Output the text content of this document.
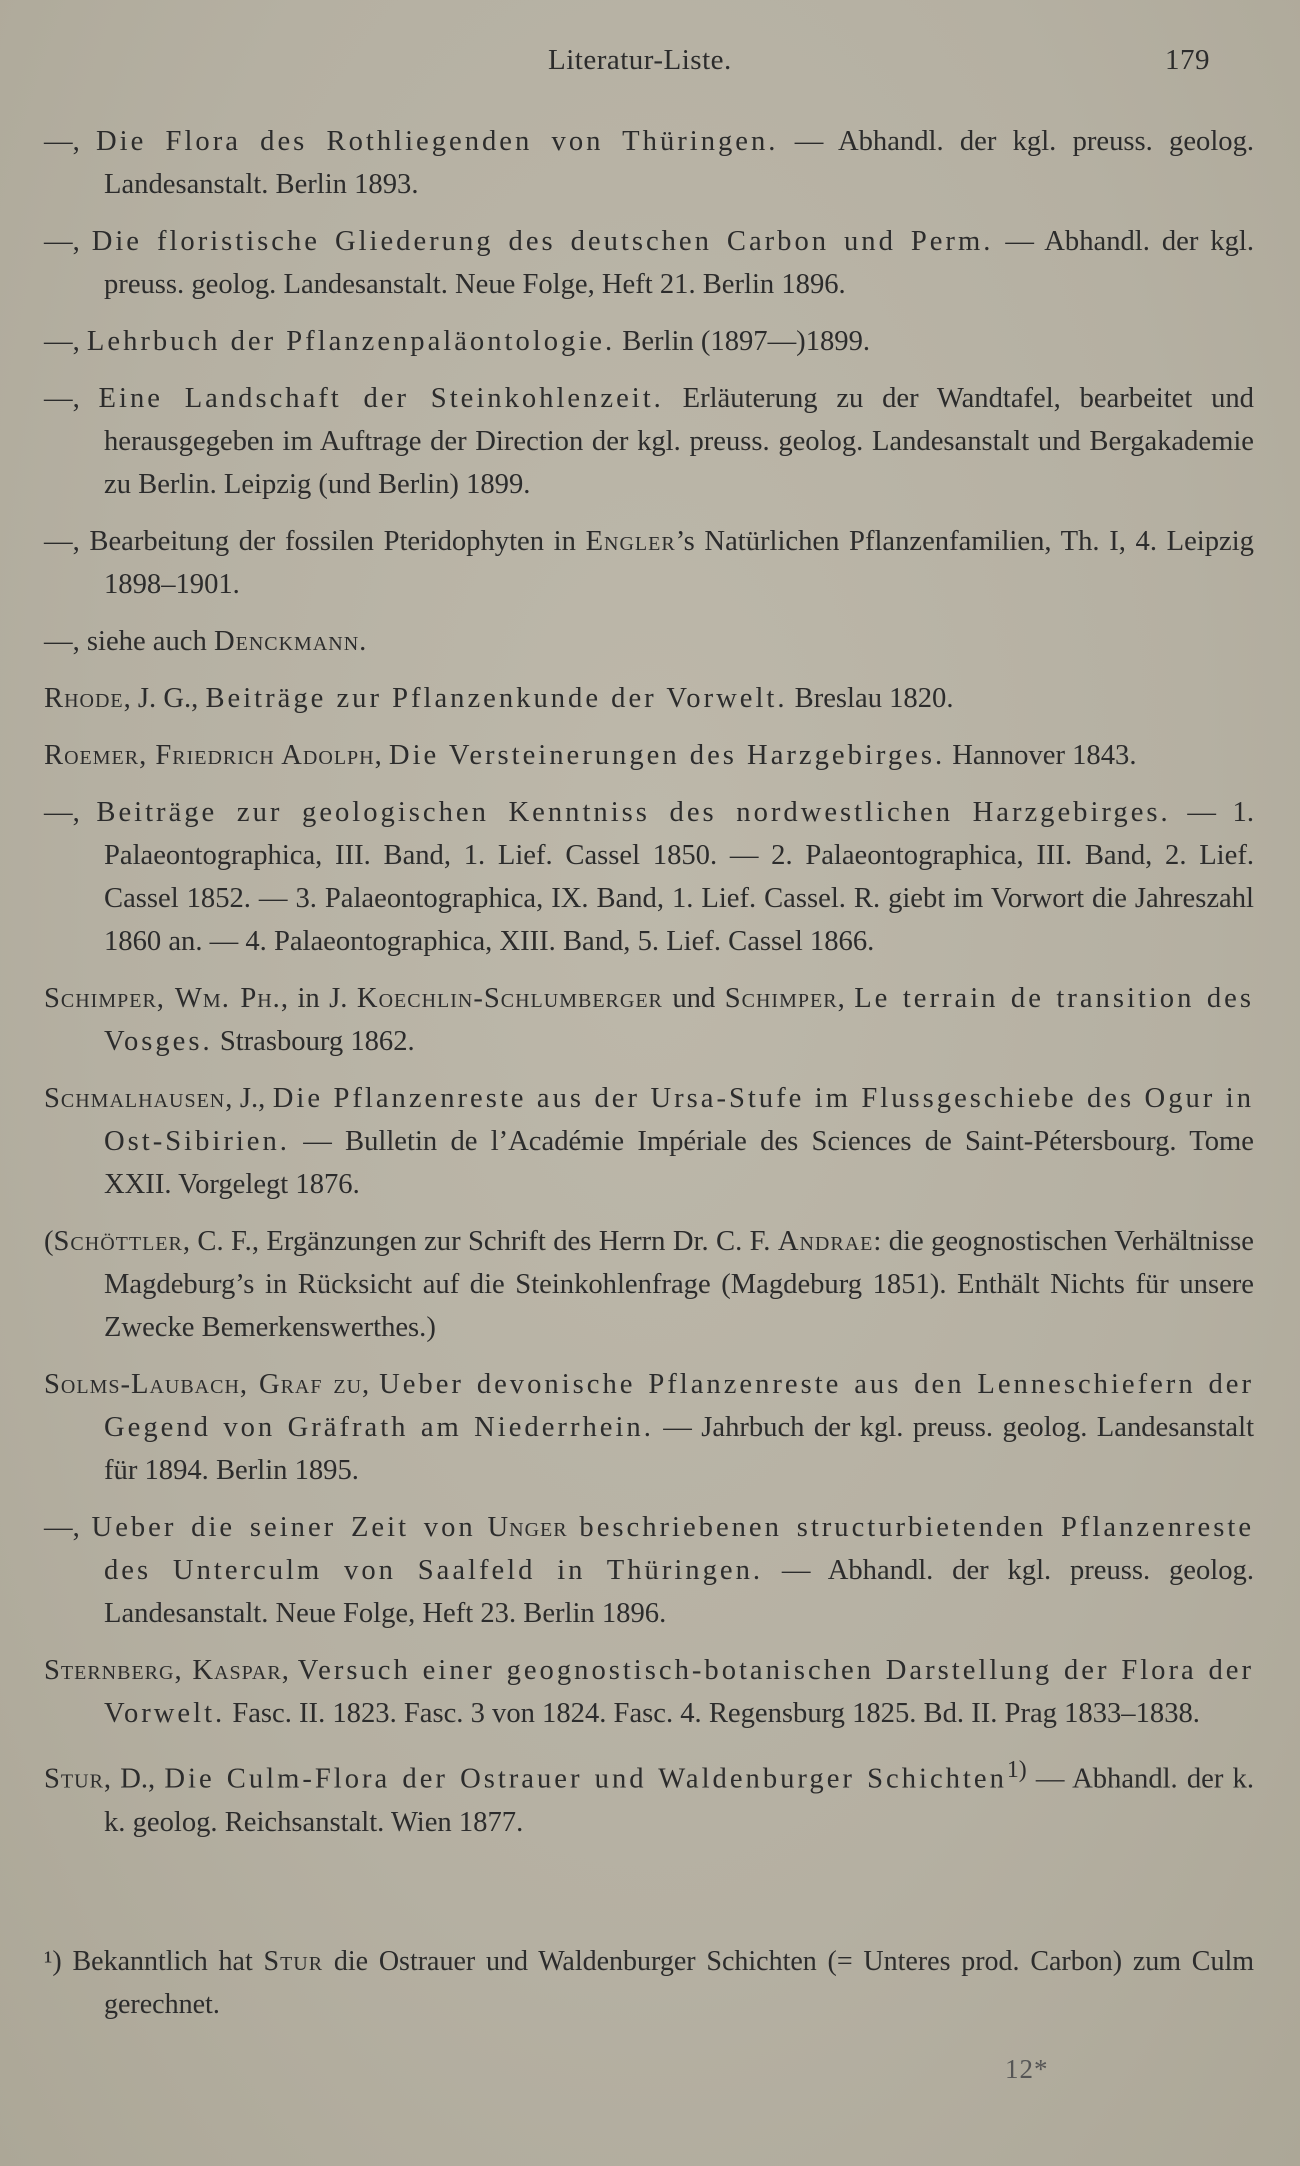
Literatur-Liste.	179
—, Die Flora des Rothliegenden von Thüringen. — Abhandl. der kgl. preuss. geolog. Landesanstalt. Berlin 1893.
—, Die floristische Gliederung des deutschen Carbon und Perm. — Abhandl. der kgl. preuss. geolog. Landesanstalt. Neue Folge, Heft 21. Berlin 1896.
—, Lehrbuch der Pflanzenpaläontologie. Berlin (1897—)1899.
—, Eine Landschaft der Steinkohlenzeit. Erläuterung zu der Wandtafel, bearbeitet und herausgegeben im Auftrage der Direction der kgl. preuss. geolog. Landesanstalt und Bergakademie zu Berlin. Leipzig (und Berlin) 1899.
—, Bearbeitung der fossilen Pteridophyten in Engler’s Natürlichen Pflanzenfamilien, Th. I, 4. Leipzig 1898–1901.
—, siehe auch Denckmann.
Rhode, J. G., Beiträge zur Pflanzenkunde der Vorwelt. Breslau 1820.
Roemer, Friedrich Adolph, Die Versteinerungen des Harzgebirges. Hannover 1843.
—, Beiträge zur geologischen Kenntniss des nordwestlichen Harzgebirges. — 1. Palaeontographica, III. Band, 1. Lief. Cassel 1850. — 2. Palaeontographica, III. Band, 2. Lief. Cassel 1852. — 3. Palaeontographica, IX. Band, 1. Lief. Cassel. R. giebt im Vorwort die Jahreszahl 1860 an. — 4. Palaeontographica, XIII. Band, 5. Lief. Cassel 1866.
Schimper, Wm. Ph., in J. Koechlin-Schlumberger und Schimper, Le terrain de transition des Vosges. Strasbourg 1862.
Schmalhausen, J., Die Pflanzenreste aus der Ursa-Stufe im Flussgeschiebe des Ogur in Ost-Sibirien. — Bulletin de l’Académie Impériale des Sciences de Saint-Pétersbourg. Tome XXII. Vorgelegt 1876.
(Schöttler, C. F., Ergänzungen zur Schrift des Herrn Dr. C. F. Andrae: die geognostischen Verhältnisse Magdeburg’s in Rücksicht auf die Steinkohlenfrage (Magdeburg 1851). Enthält Nichts für unsere Zwecke Bemerkenswerthes.)
Solms-Laubach, Graf zu, Ueber devonische Pflanzenreste aus den Lenneschiefern der Gegend von Gräfrath am Niederrhein. — Jahrbuch der kgl. preuss. geolog. Landesanstalt für 1894. Berlin 1895.
—, Ueber die seiner Zeit von Unger beschriebenen structurbietenden Pflanzenreste des Unterculm von Saalfeld in Thüringen. — Abhandl. der kgl. preuss. geolog. Landesanstalt. Neue Folge, Heft 23. Berlin 1896.
Sternberg, Kaspar, Versuch einer geognostisch-botanischen Darstellung der Flora der Vorwelt. Fasc. II. 1823. Fasc. 3 von 1824. Fasc. 4. Regensburg 1825. Bd. II. Prag 1833–1838.
Stur, D., Die Culm-Flora der Ostrauer und Waldenburger Schichten$^{1)}$ — Abhandl. der k. k. geolog. Reichsanstalt. Wien 1877.
¹) Bekanntlich hat Stur die Ostrauer und Waldenburger Schichten (= Unteres prod. Carbon) zum Culm gerechnet.
12*
